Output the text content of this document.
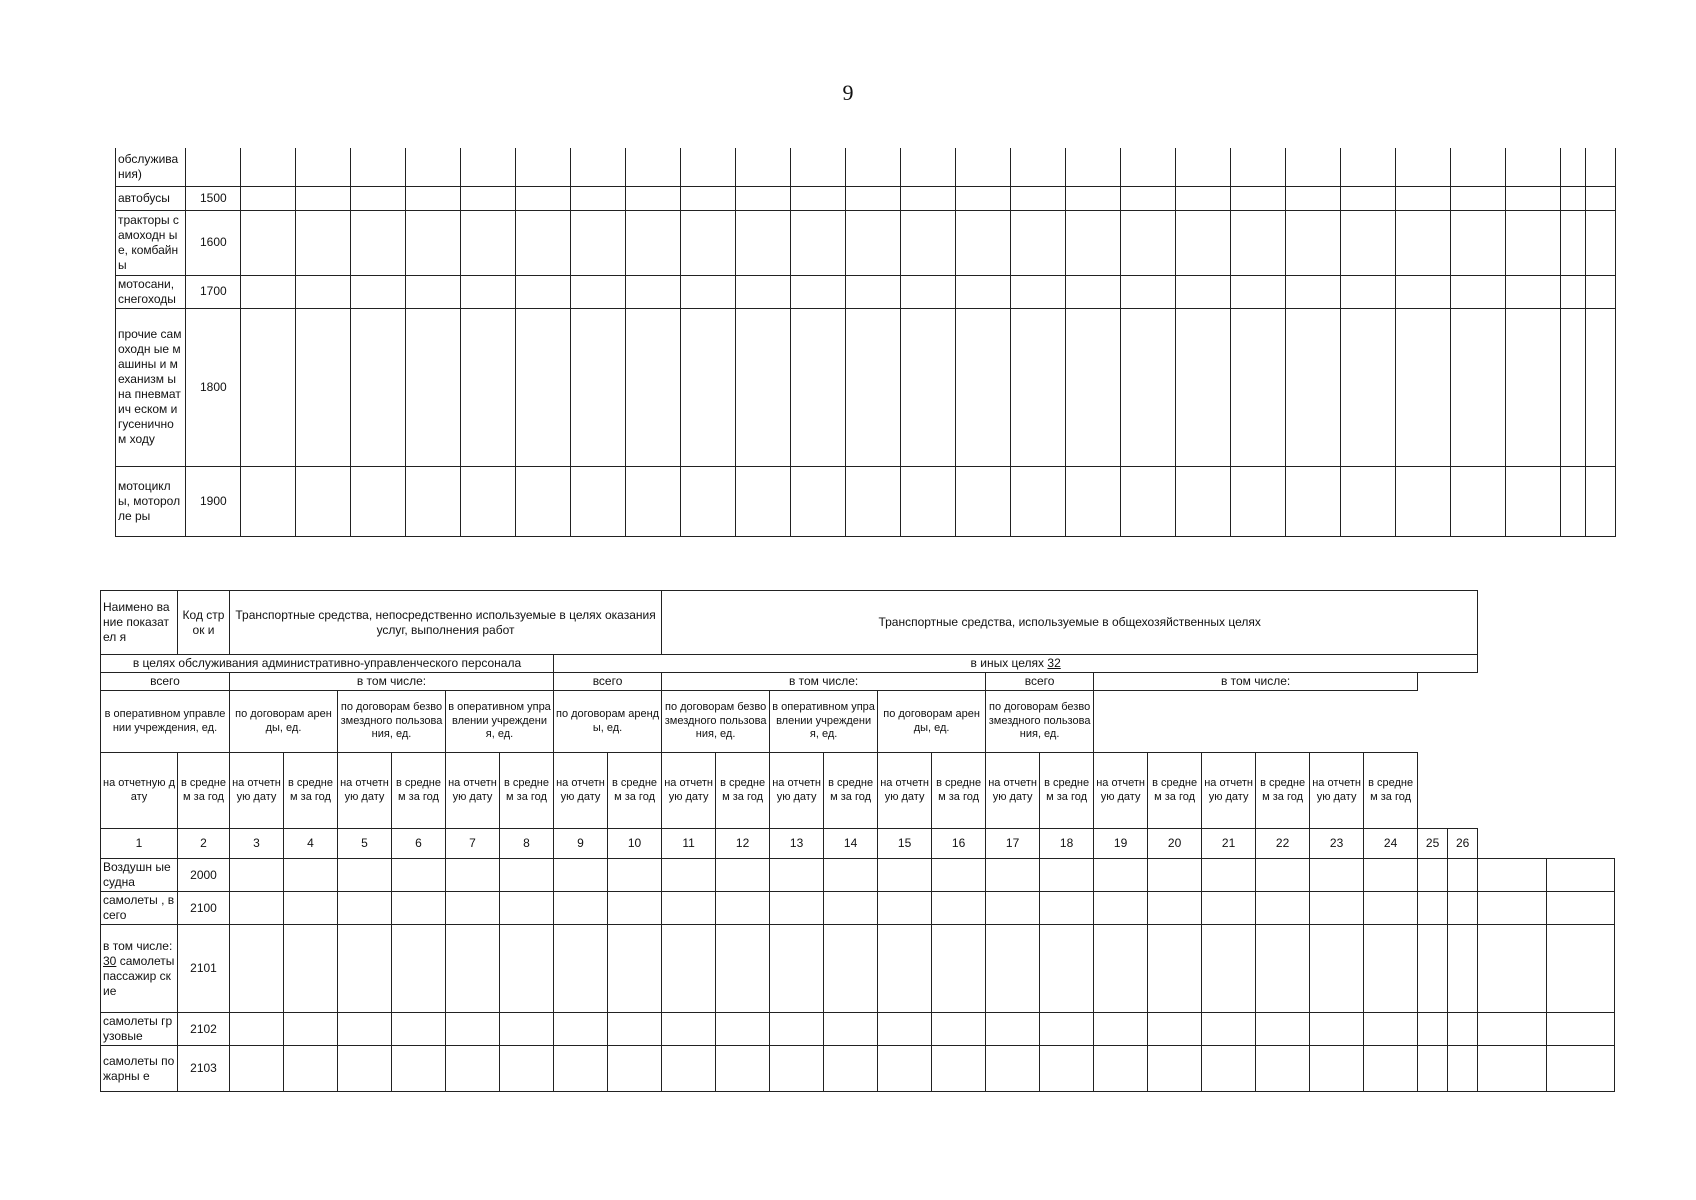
9
обслужива ния)																											
автобусы	1500																										
тракторы самоходн ые, комбайны	1600																										
мотосани, снегоходы	1700																										
прочие самоходн ые машины и механизм ы на пневматич еском и гусенично м ходу	1800																										
мотоцикл ы, мотороллe ры	1900																										
Наимено вание показател я	Код строк и	Транспортные средства, непосредственно используемые в целях оказания услуг, выполнения работ								Транспортные средства, используемые в общехозяйственных целях																	
в целях обслуживания административно-управленческого персонала								в иных целях 32																			
всего		в том числе:						всего		в том числе:						всего		в том числе:									
в оперативном управлении учреждения, ед.		по договорам аренды, ед.		по договорам безвозмездного пользования, ед.		в оперативном управлении учреждения, ед.		по договорам аренды, ед.		по договорам безвозмездного пользования, ед.		в оперативном управлении учреждения, ед.		по договорам аренды, ед.		по договорам безвозмездного пользования, ед.											
на отчетную дату	в среднем за год	на отчетную дату	в среднем за год	на отчетную дату	в среднем за год	на отчетную дату	в среднем за год	на отчетную дату	в среднем за год	на отчетную дату	в среднем за год	на отчетную дату	в среднем за год	на отчетную дату	в среднем за год	на отчетную дату	в среднем за год	на отчетную дату	в среднем за год	на отчетную дату	в среднем за год	на отчетную дату	в среднем за год				
1	2	3	4	5	6	7	8	9	10	11	12	13	14	15	16	17	18	19	20	21	22	23	24	25	26		
Воздушн ые судна	2000																										
самолеты , всего	2100																										
в том числе: 30 самолеты пассажир ские	2101																										
самолеты грузовые	2102																										
самолеты пожарны е	2103																										
